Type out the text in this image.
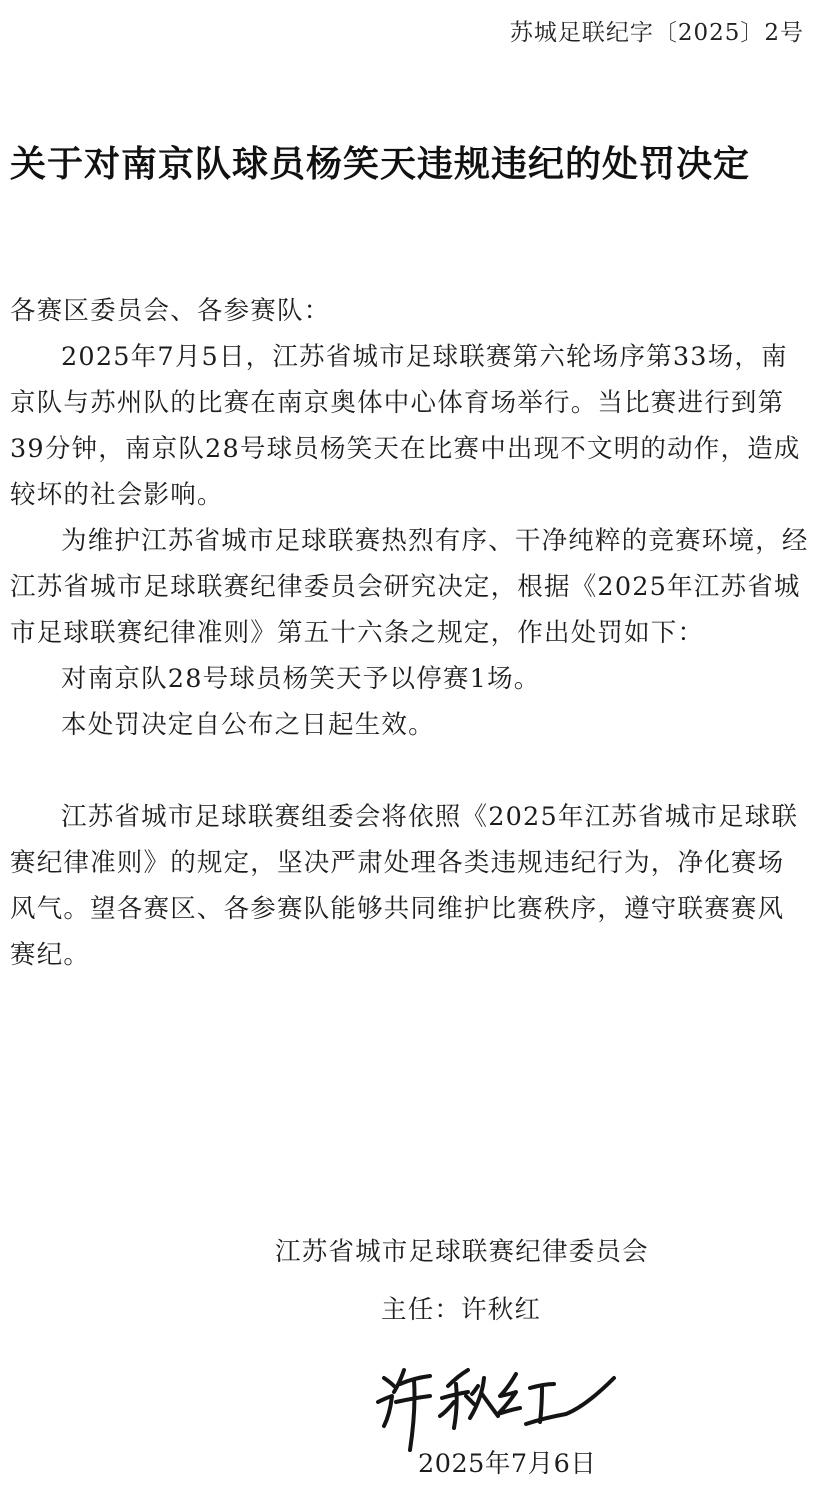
苏城足联纪字〔2025〕2号
关于对南京队球员杨笑天违规违纪的处罚决定

各赛区委员会、各参赛队：

2025年7月5日，江苏省城市足球联赛第六轮场序第33场，南京队与苏州队的比赛在南京奥体中心体育场举行。当比赛进行到第39分钟，南京队28号球员杨笑天在比赛中出现不文明的动作，造成较坏的社会影响。

为维护江苏省城市足球联赛热烈有序、干净纯粹的竞赛环境，经江苏省城市足球联赛纪律委员会研究决定，根据《2025年江苏省城市足球联赛纪律准则》第五十六条之规定，作出处罚如下：

对南京队28号球员杨笑天予以停赛1场。

本处罚决定自公布之日起生效。

江苏省城市足球联赛组委会将依照《2025年江苏省城市足球联赛纪律准则》的规定，坚决严肃处理各类违规违纪行为，净化赛场风气。望各赛区、各参赛队能够共同维护比赛秩序，遵守联赛赛风赛纪。

江苏省城市足球联赛纪律委员会
主任：许秋红
2025年7月6日
